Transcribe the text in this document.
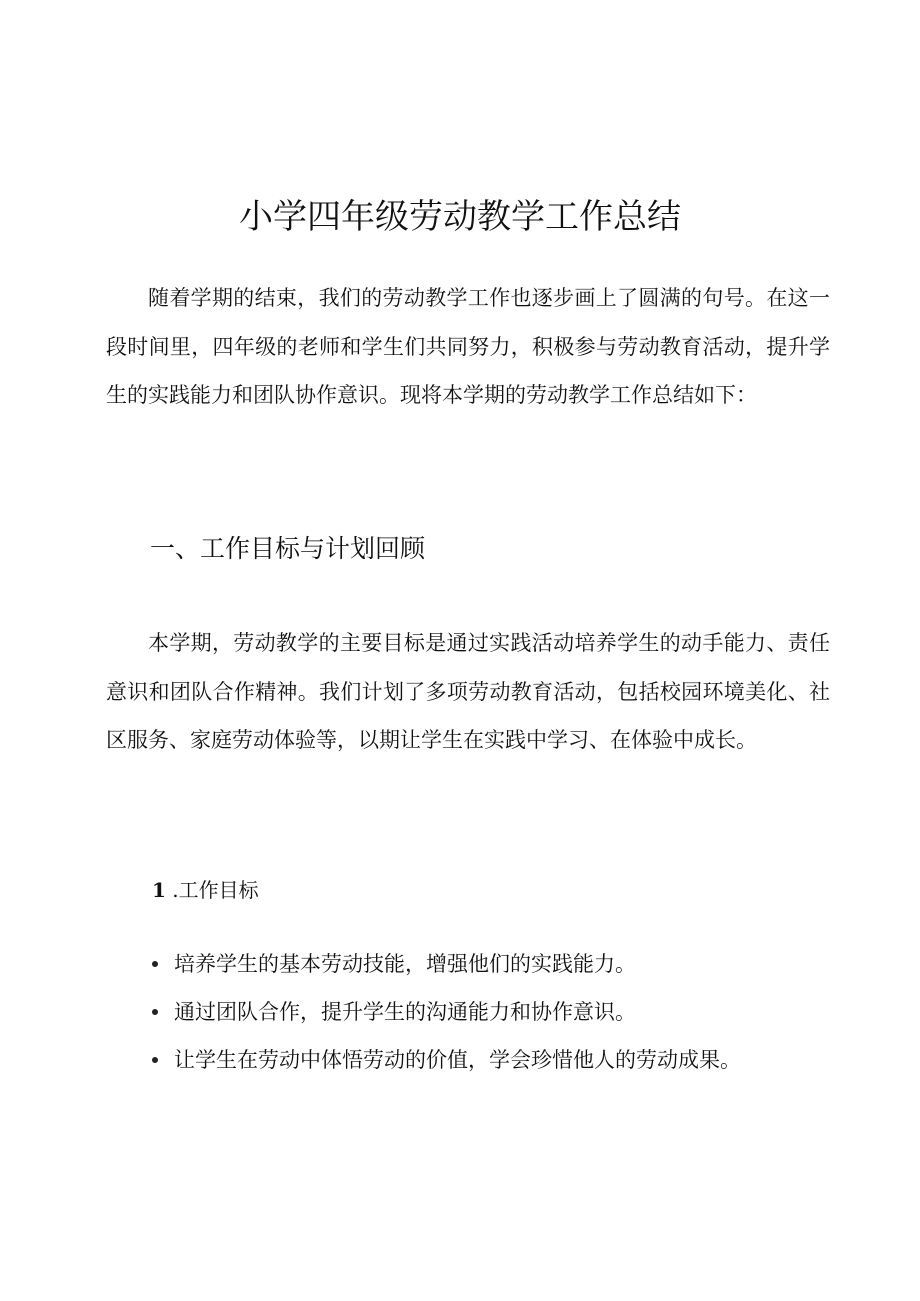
小学四年级劳动教学工作总结

随着学期的结束，我们的劳动教学工作也逐步画上了圆满的句号。在这一段时间里，四年级的老师和学生们共同努力，积极参与劳动教育活动，提升学生的实践能力和团队协作意识。现将本学期的劳动教学工作总结如下：

一、工作目标与计划回顾

本学期，劳动教学的主要目标是通过实践活动培养学生的动手能力、责任意识和团队合作精神。我们计划了多项劳动教育活动，包括校园环境美化、社区服务、家庭劳动体验等，以期让学生在实践中学习、在体验中成长。

1 .工作目标
培养学生的基本劳动技能，增强他们的实践能力。
通过团队合作，提升学生的沟通能力和协作意识。
让学生在劳动中体悟劳动的价值，学会珍惜他人的劳动成果。
